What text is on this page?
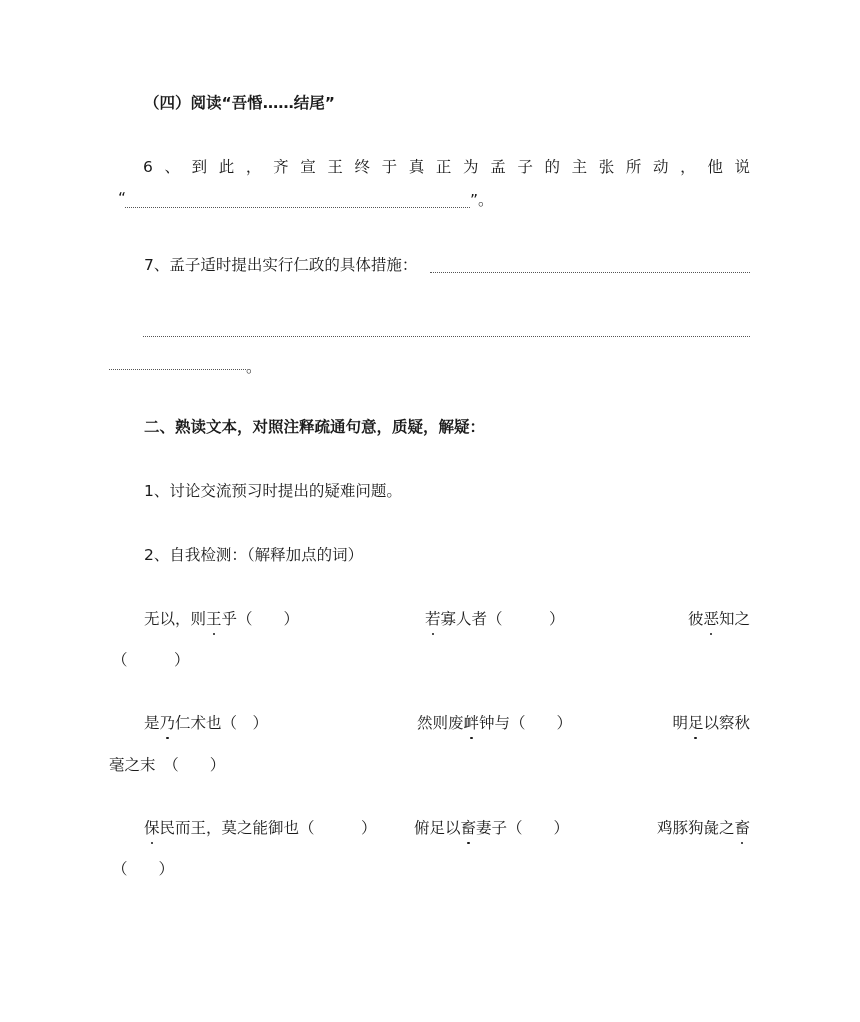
（四）阅读“吾惛……结尾”
6 、 到 此 ， 齐 宣 王 终 于 真 正 为 孟 子 的 主 张 所 动 ， 他 说
“	”。
7、孟子适时提出实行仁政的具体措施：
。
二、熟读文本，对照注释疏通句意，质疑，解疑：
1、讨论交流预习时提出的疑难问题。
2、自我检测：（解释加点的词）
无以，则王乎（　　）	若寡人者（　　　）	彼恶知之
（　　　）
是乃仁术也（　）	然则废衅钟与（　　）	明足以察秋
毫之末　（　　）
保民而王，莫之能御也（　　　） 俯足以畜妻子（　　）	鸡豚狗彘之畜
（　　）
